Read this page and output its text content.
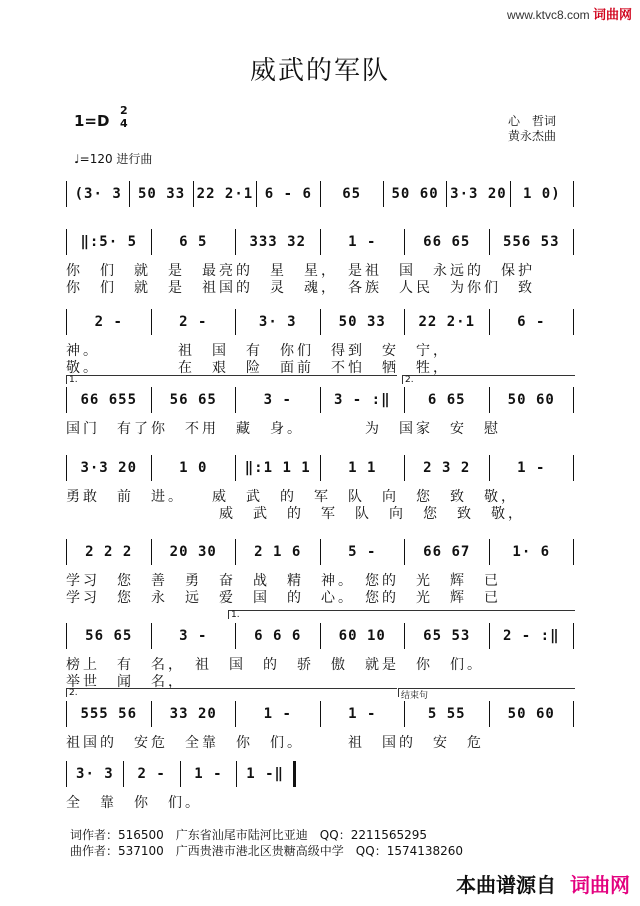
www.ktvc8.com 词曲网
威武的军队
1=D
2
4
♩=120 进行曲
心　哲词
黄永杰曲
(3· 3	50 33 22 2·1 6 - 6	65	50 60 3·3 20	1 0)
‖:5· 5	6 5	333 32	1 -	66 65	556 53
你　们　就　是　最亮的　星　星，　是祖　国　永远的　保护
你　们　就　是　祖国的　灵　魂，　各族　人民　为你们　致
2 -	2 -	3· 3	50 33	22 2·1	6 -
神。　　　　　祖　国　有　你们　得到　安　宁，
敬。　　　　　在　艰　险　面前　不怕　牺　牲，
66 655	56 65	3 -	3 - :‖	6 65	50 60
国门　有了你　不用　藏　身。　　　　为　国家　安　慰
3·3 20	1 0	‖:1 1 1	1 1	2 3 2	1 -
勇敢　前　进。　　威　武　的　军　队　向　您　致　敬，
　　　　　　　　　威　武　的　军　队　向　您　致　敬，
2 2 2	20 30	2 1 6	5 -	66 67	1· 6
学习　您　善　勇　奋　战　精　神。　您的　光　辉　已
学习　您　永　远　爱　国　的　心。　您的　光　辉　已
56 65	3 -	6 6 6	60 10	65 53	2 - :‖
榜上　有　名，　祖　国　的　骄　傲　就是　你　们。
举世　闻　名，
555 56	33 20	1 -	1 -	5 55	50 60
祖国的　安危　全靠　你　们。　　　祖　国的　安　危
3· 3	2 -	1 -	1 -‖
全　靠　你　们。
1.	2.
1.
2.	结束句
词作者：516500　广东省汕尾市陆河比亚迪　QQ：2211565295
曲作者：537100　广西贵港市港北区贵糖高级中学　QQ：1574138260
本曲谱源自 词曲网
